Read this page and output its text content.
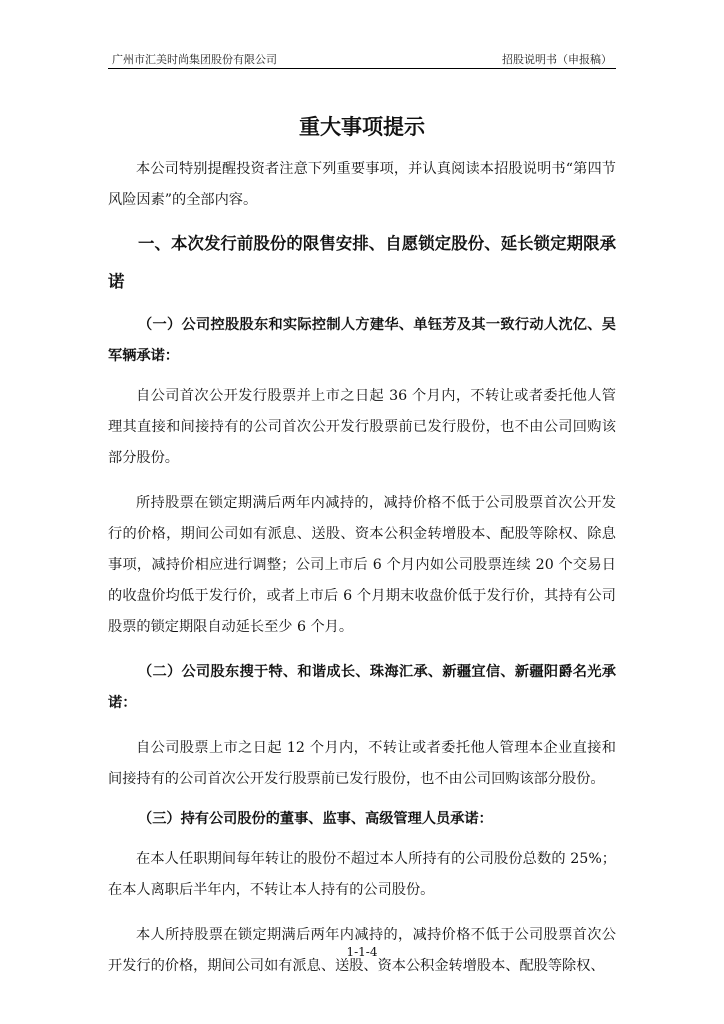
广州市汇美时尚集团股份有限公司	招股说明书（申报稿）
重大事项提示

本公司特别提醒投资者注意下列重要事项，并认真阅读本招股说明书“第四节 风险因素”的全部内容。

一、本次发行前股份的限售安排、自愿锁定股份、延长锁定期限承诺

（一）公司控股股东和实际控制人方建华、单钰芳及其一致行动人沈亿、吴军辆承诺：

自公司首次公开发行股票并上市之日起 36 个月内，不转让或者委托他人管理其直接和间接持有的公司首次公开发行股票前已发行股份，也不由公司回购该部分股份。

所持股票在锁定期满后两年内减持的，减持价格不低于公司股票首次公开发行的价格，期间公司如有派息、送股、资本公积金转增股本、配股等除权、除息事项，减持价相应进行调整；公司上市后 6 个月内如公司股票连续 20 个交易日的收盘价均低于发行价，或者上市后 6 个月期末收盘价低于发行价，其持有公司股票的锁定期限自动延长至少 6 个月。

（二）公司股东搜于特、和谐成长、珠海汇承、新疆宜信、新疆阳爵名光承诺：

自公司股票上市之日起 12 个月内，不转让或者委托他人管理本企业直接和间接持有的公司首次公开发行股票前已发行股份，也不由公司回购该部分股份。

（三）持有公司股份的董事、监事、高级管理人员承诺：

在本人任职期间每年转让的股份不超过本人所持有的公司股份总数的 25%；在本人离职后半年内，不转让本人持有的公司股份。

本人所持股票在锁定期满后两年内减持的，减持价格不低于公司股票首次公开发行的价格，期间公司如有派息、送股、资本公积金转增股本、配股等除权、

1-1-4
